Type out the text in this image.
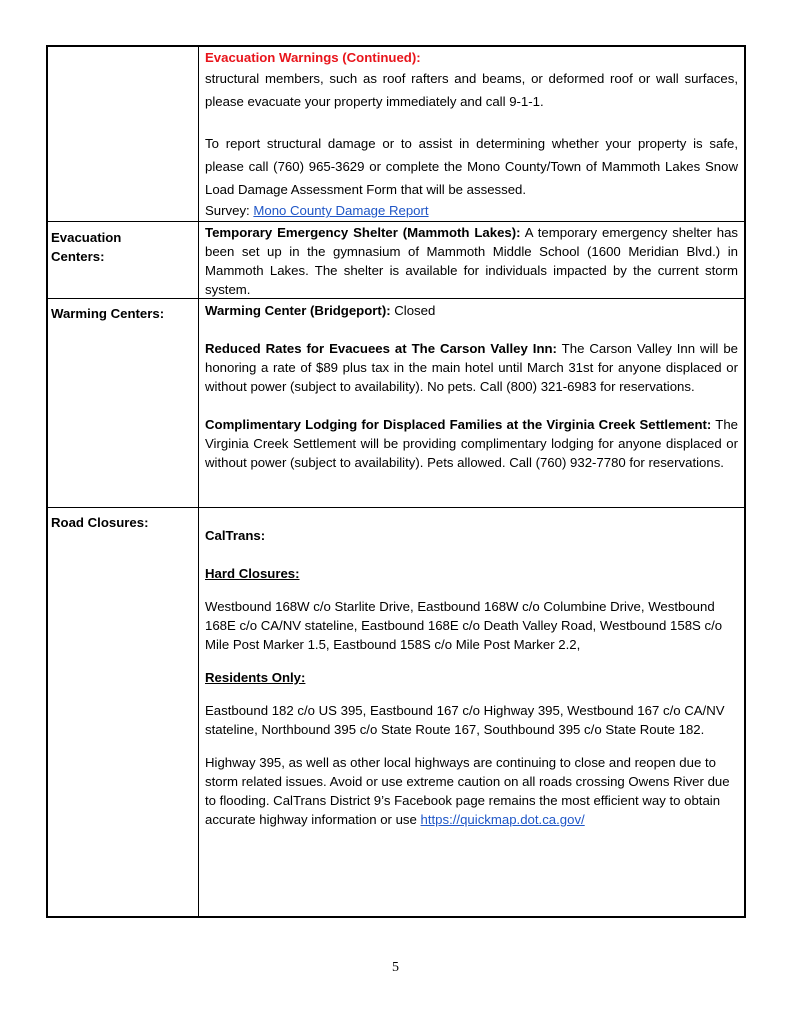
Evacuation Warnings (Continued):
structural members, such as roof rafters and beams, or deformed roof or wall surfaces, please evacuate your property immediately and call 9-1-1.
To report structural damage or to assist in determining whether your property is safe, please call (760) 965-3629 or complete the Mono County/Town of Mammoth Lakes Snow Load Damage Assessment Form that will be assessed.
Survey: Mono County Damage Report
Evacuation Centers:
Temporary Emergency Shelter (Mammoth Lakes): A temporary emergency shelter has been set up in the gymnasium of Mammoth Middle School (1600 Meridian Blvd.) in Mammoth Lakes. The shelter is available for individuals impacted by the current storm system.
Warming Centers:	Warming Center (Bridgeport): Closed
Reduced Rates for Evacuees at The Carson Valley Inn: The Carson Valley Inn will be honoring a rate of $89 plus tax in the main hotel until March 31st for anyone displaced or without power (subject to availability). No pets. Call (800) 321-6983 for reservations.
Complimentary Lodging for Displaced Families at the Virginia Creek Settlement: The Virginia Creek Settlement will be providing complimentary lodging for anyone displaced or without power (subject to availability). Pets allowed. Call (760) 932-7780 for reservations.
Road Closures:
CalTrans:
Hard Closures:
Westbound 168W c/o Starlite Drive, Eastbound 168W c/o Columbine Drive, Westbound 168E c/o CA/NV stateline, Eastbound 168E c/o Death Valley Road, Westbound 158S c/o Mile Post Marker 1.5, Eastbound 158S c/o Mile Post Marker 2.2,
Residents Only:
Eastbound 182 c/o US 395, Eastbound 167 c/o Highway 395, Westbound 167 c/o CA/NV stateline, Northbound 395 c/o State Route 167, Southbound 395 c/o State Route 182.
Highway 395, as well as other local highways are continuing to close and reopen due to storm related issues. Avoid or use extreme caution on all roads crossing Owens River due to flooding. CalTrans District 9’s Facebook page remains the most efficient way to obtain accurate highway information or use https://quickmap.dot.ca.gov/
5
